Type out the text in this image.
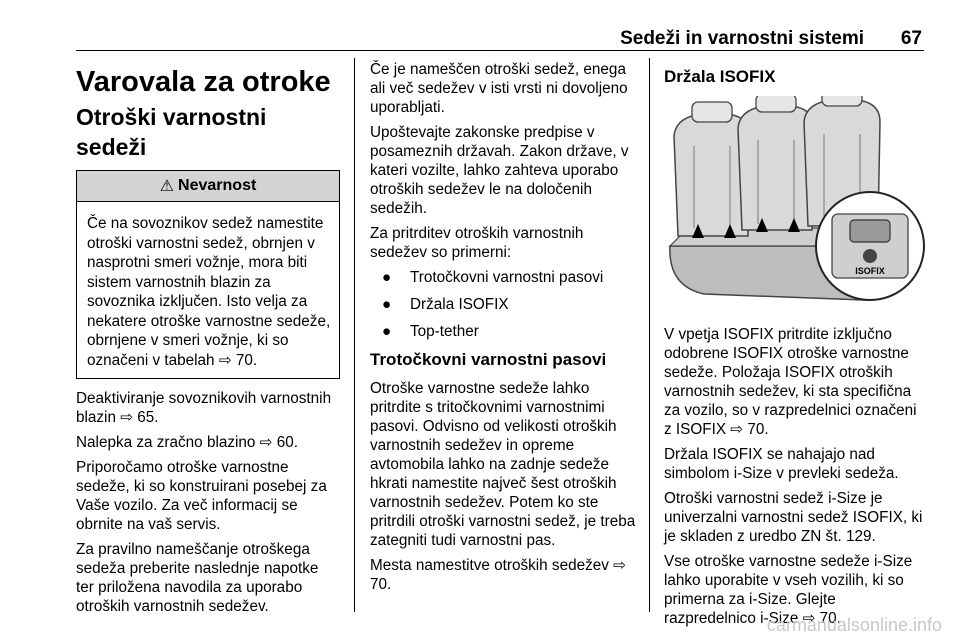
Sedeži in varnostni sistemi 67
Varovala za otroke
Otroški varnostni sedeži
⚠ Nevarnost
Če na sovoznikov sedež namestite otroški varnostni sedež, obrnjen v nasprotni smeri vožnje, mora biti sistem varnostnih blazin za sovoznika izključen. Isto velja za nekatere otroške varnostne sedeže, obrnjene v smeri vožnje, ki so označeni v tabelah ⇨ 70.

Deaktiviranje sovoznikovih varnostnih blazin ⇨ 65.

Nalepka za zračno blazino ⇨ 60.

Priporočamo otroške varnostne sedeže, ki so konstruirani posebej za Vaše vozilo. Za več informacij se obrnite na vaš servis.

Za pravilno nameščanje otroškega sedeža preberite naslednje napotke ter priložena navodila za uporabo otroških varnostnih sedežev.

Če je nameščen otroški sedež, enega ali več sedežev v isti vrsti ni dovoljeno uporabljati.

Upoštevajte zakonske predpise v posameznih državah. Zakon države, v kateri vozilte, lahko zahteva uporabo otroških sedežev le na določenih sedežih.

Za pritrditev otroških varnostnih sedežev so primerni:

●	Trotočkovni varnostni pasovi
●	Držala ISOFIX
●	Top-tether
Trotočkovni varnostni pasovi

Otroške varnostne sedeže lahko pritrdite s tritočkovnimi varnostnimi pasovi. Odvisno od velikosti otroških varnostnih sedežev in opreme avtomobila lahko na zadnje sedeže hkrati namestite največ šest otroških varnostnih sedežev. Potem ko ste pritrdili otroški varnostni sedež, je treba zategniti tudi varnostni pas.

Mesta namestitve otroških sedežev ⇨ 70.

Držala ISOFIX
ISOFIX

V vpetja ISOFIX pritrdite izključno odobrene ISOFIX otroške varnostne sedeže. Položaja ISOFIX otroških varnostnih sedežev, ki sta specifična za vozilo, so v razpredelnici označeni z ISOFIX ⇨ 70.

Držala ISOFIX se nahajajo nad simbolom i-Size v prevleki sedeža.

Otroški varnostni sedež i-Size je univerzalni varnostni sedež ISOFIX, ki je skladen z uredbo ZN št. 129.

Vse otroške varnostne sedeže i-Size lahko uporabite v vseh vozilih, ki so primerna za i-Size. Glejte razpredelnico i-Size ⇨ 70.

carmanualsonline.info
